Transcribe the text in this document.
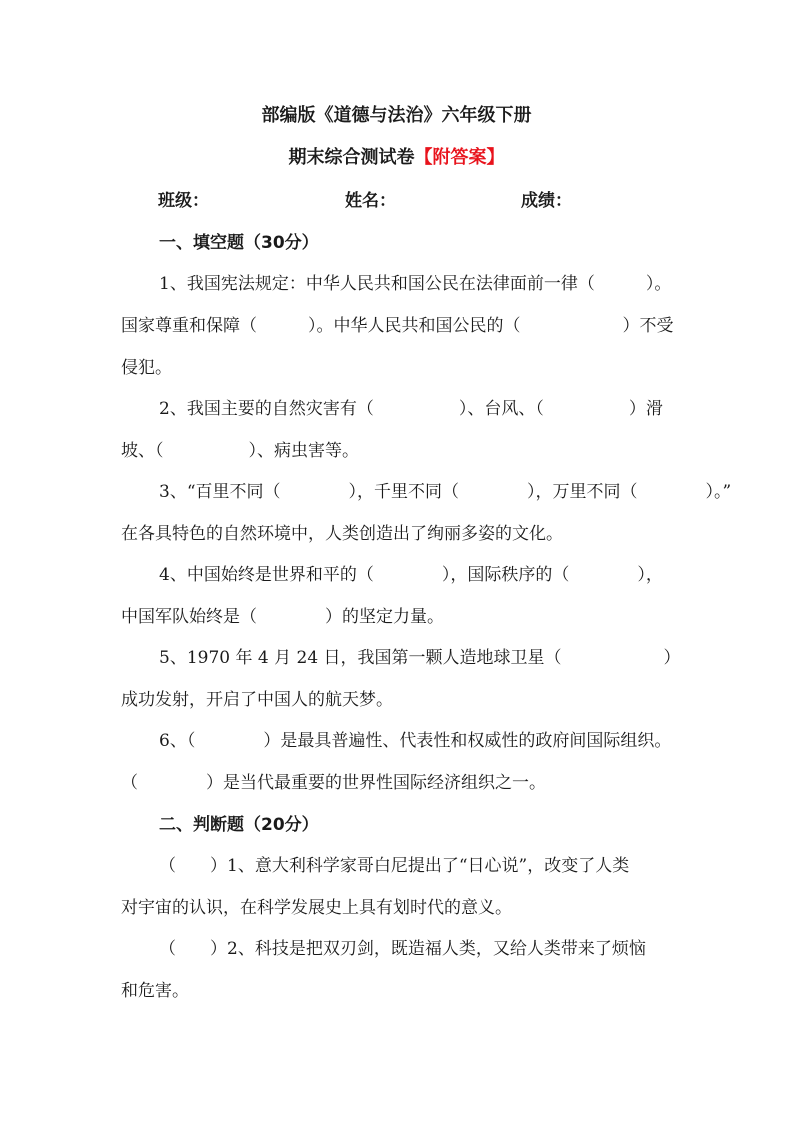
部编版《道德与法治》六年级下册
期末综合测试卷【附答案】
班级：	姓名：	成绩：
一、填空题（30分）
1、我国宪法规定：中华人民共和国公民在法律面前一律（　　　）。
国家尊重和保障（　　　）。中华人民共和国公民的（　　　　　　）不受
侵犯。
2、我国主要的自然灾害有（　　　　　）、台风、（　　　　　）滑
坡、（　　　　　）、病虫害等。
3、“百里不同（　　　　），千里不同（　　　　），万里不同（　　　　）。”
在各具特色的自然环境中，人类创造出了绚丽多姿的文化。
4、中国始终是世界和平的（　　　　），国际秩序的（　　　　），
中国军队始终是（　　　　）的坚定力量。
5、1970 年 4 月 24 日，我国第一颗人造地球卫星（　　　　　　）
成功发射，开启了中国人的航天梦。
6、（　　　　）是最具普遍性、代表性和权威性的政府间国际组织。
（　　　　）是当代最重要的世界性国际经济组织之一。
二、判断题（20分）
（　　）1、意大利科学家哥白尼提出了“日心说”，改变了人类
对宇宙的认识，在科学发展史上具有划时代的意义。
（　　）2、科技是把双刃剑，既造福人类，又给人类带来了烦恼
和危害。
